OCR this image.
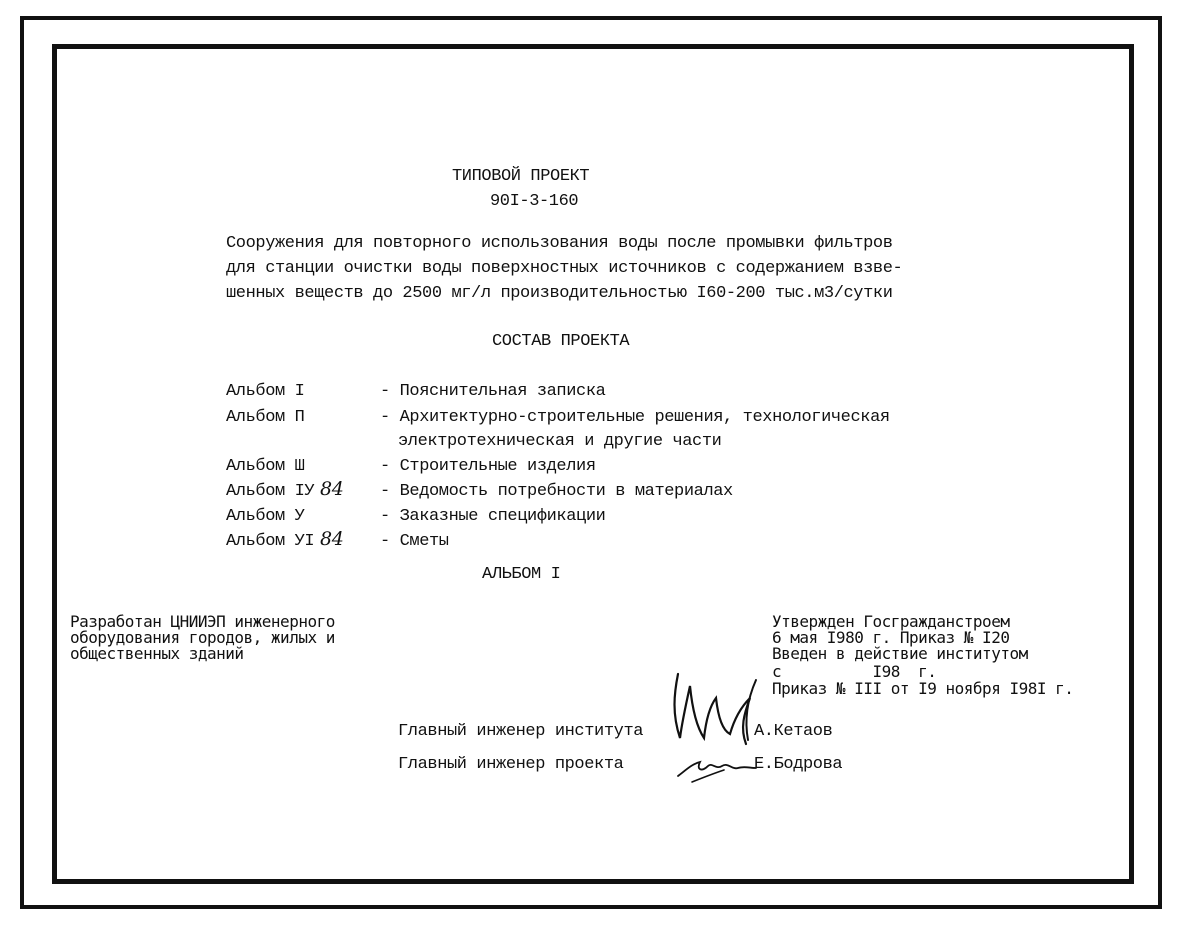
ТИПОВОЙ ПРОЕКТ
90I-3-160
Сооружения для повторного использования воды после промывки фильтров
для станции очистки воды поверхностных источников с содержанием взве-
шенных веществ до 2500 мг/л производительностью I60-200 тыс.м3/сутки
СОСТАВ ПРОЕКТА
Альбом I	- Пояснительная записка
Альбом П	- Архитектурно-строительные решения, технологическая
электротехническая и другие части
Альбом Ш	- Строительные изделия
Альбом IУ 84 - Ведомость потребности в материалах
Альбом У	- Заказные спецификации
Альбом УI 84 - Сметы
АЛЬБОМ I
Разработан ЦНИИЭП инженерного
оборудования городов, жилых и
общественных зданий
Утвержден Госгражданстроем
6 мая I980 г. Приказ № I20
Введен в действие институтом
с          I98  г.
Приказ № III от I9 ноября I98I г.
Главный инженер института	А.Кетаов
Главный инженер проекта	Е.Бодрова
